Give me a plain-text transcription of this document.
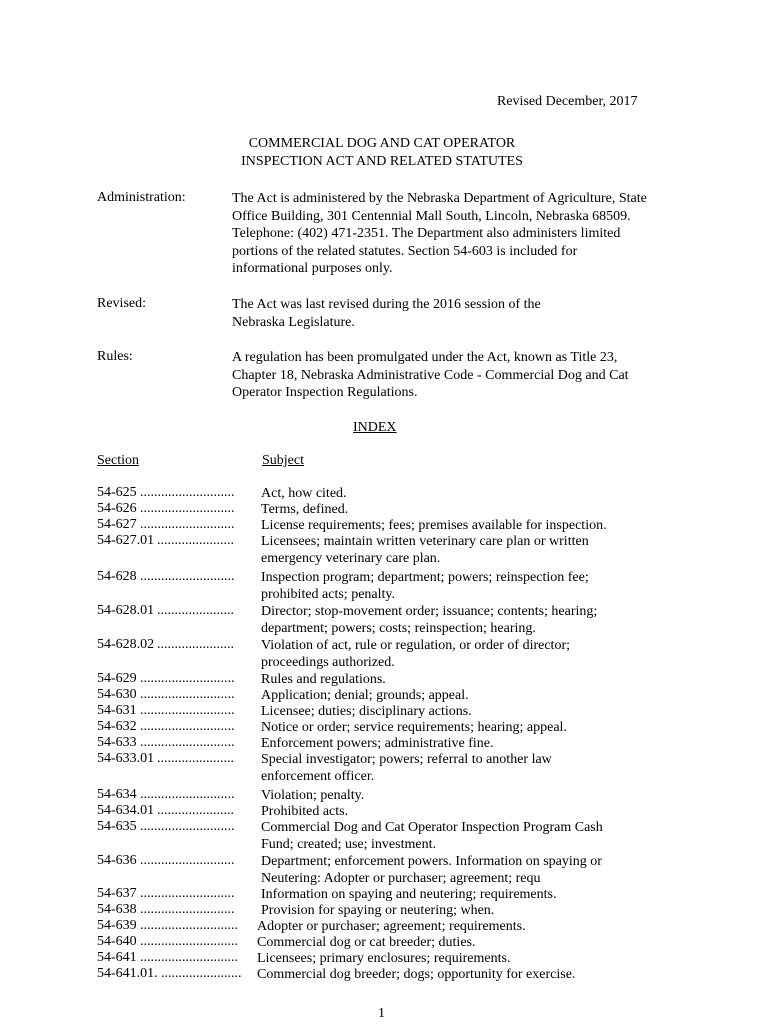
Revised December, 2017
COMMERCIAL DOG AND CAT OPERATOR
INSPECTION ACT AND RELATED STATUTES
Administration:	The Act is administered by the Nebraska Department of Agriculture, State Office Building, 301 Centennial Mall South, Lincoln, Nebraska 68509. Telephone: (402) 471-2351. The Department also administers limited portions of the related statutes. Section 54-603 is included for informational purposes only.
Revised:	The Act was last revised during the 2016 session of the Nebraska Legislature.
Rules:	A regulation has been promulgated under the Act, known as Title 23, Chapter 18, Nebraska Administrative Code - Commercial Dog and Cat Operator Inspection Regulations.
INDEX
Section	Subject
54-625 ........................... Act, how cited.
54-626 ........................... Terms, defined.
54-627 ........................... License requirements; fees; premises available for inspection.
54-627.01 ...................... Licensees; maintain written veterinary care plan or written emergency veterinary care plan.
54-628 ........................... Inspection program; department; powers; reinspection fee; prohibited acts; penalty.
54-628.01 ...................... Director; stop-movement order; issuance; contents; hearing; department; powers; costs; reinspection; hearing.
54-628.02 ...................... Violation of act, rule or regulation, or order of director; proceedings authorized.
54-629 ........................... Rules and regulations.
54-630 ........................... Application; denial; grounds; appeal.
54-631 ........................... Licensee; duties; disciplinary actions.
54-632 ........................... Notice or order; service requirements; hearing; appeal.
54-633 ........................... Enforcement powers; administrative fine.
54-633.01 ...................... Special investigator; powers; referral to another law enforcement officer.
54-634 ........................... Violation; penalty.
54-634.01 ...................... Prohibited acts.
54-635 ........................... Commercial Dog and Cat Operator Inspection Program Cash Fund; created; use; investment.
54-636 ........................... Department; enforcement powers. Information on spaying or Neutering: Adopter or purchaser; agreement; requ
54-637 ........................... Information on spaying and neutering; requirements.
54-638 ........................... Provision for spaying or neutering; when.
54-639 ............................ Adopter or purchaser; agreement; requirements.
54-640 ............................ Commercial dog or cat breeder; duties.
54-641 ............................ Licensees; primary enclosures; requirements.
54-641.01. ....................... Commercial dog breeder; dogs; opportunity for exercise.
1
